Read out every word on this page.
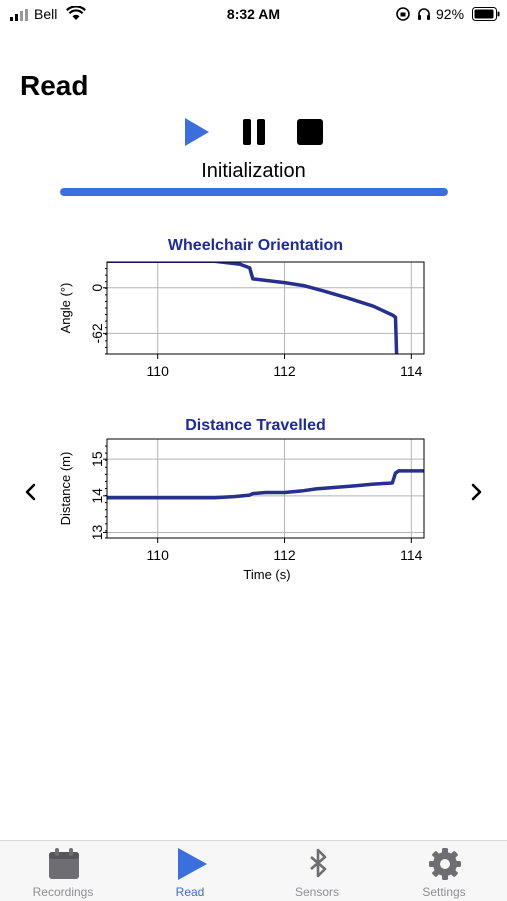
Bell	8:32 AM	92%
Read
Initialization
Wheelchair Orientation
110	112	114
0
-62
Angle (°)
Distance Travelled
110	112	114
13
14
15
Distance (m)
Time (s)
Recordings	Read	Sensors	Settings
